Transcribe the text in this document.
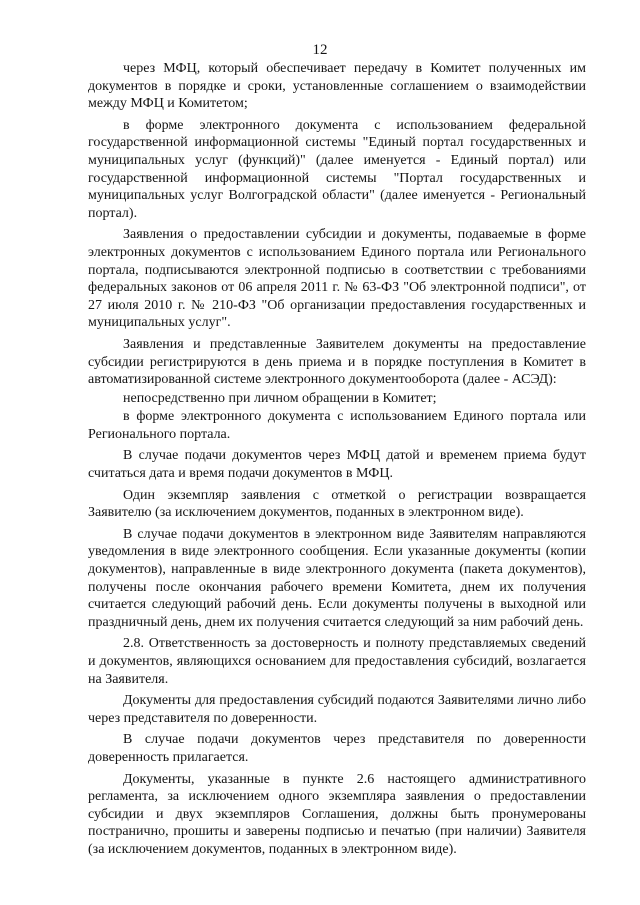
12

через МФЦ, который обеспечивает передачу в Комитет полученных им документов в порядке и сроки, установленные соглашением о взаимодействии между МФЦ и Комитетом;

в форме электронного документа с использованием федеральной государственной информационной системы "Единый портал государственных и муниципальных услуг (функций)" (далее именуется - Единый портал) или государственной информационной системы "Портал государственных и муниципальных услуг Волгоградской области" (далее именуется - Региональный портал).

Заявления о предоставлении субсидии и документы, подаваемые в форме электронных документов с использованием Единого портала или Регионального портала, подписываются электронной подписью в соответствии с требованиями федеральных законов от 06 апреля 2011 г. № 63-ФЗ "Об электронной подписи", от 27 июля 2010 г. № 210-ФЗ "Об организации предоставления государственных и муниципальных услуг".

Заявления и представленные Заявителем документы на предоставление субсидии регистрируются в день приема и в порядке поступления в Комитет в автоматизированной системе электронного документооборота (далее - АСЭД):

непосредственно при личном обращении в Комитет;

в форме электронного документа с использованием Единого портала или Регионального портала.

В случае подачи документов через МФЦ датой и временем приема будут считаться дата и время подачи документов в МФЦ.

Один экземпляр заявления с отметкой о регистрации возвращается Заявителю (за исключением документов, поданных в электронном виде).

В случае подачи документов в электронном виде Заявителям направляются уведомления в виде электронного сообщения. Если указанные документы (копии документов), направленные в виде электронного документа (пакета документов), получены после окончания рабочего времени Комитета, днем их получения считается следующий рабочий день. Если документы получены в выходной или праздничный день, днем их получения считается следующий за ним рабочий день.

2.8. Ответственность за достоверность и полноту представляемых сведений и документов, являющихся основанием для предоставления субсидий, возлагается на Заявителя.

Документы для предоставления субсидий подаются Заявителями лично либо через представителя по доверенности.

В случае подачи документов через представителя по доверенности доверенность прилагается.

Документы, указанные в пункте 2.6 настоящего административного регламента, за исключением одного экземпляра заявления о предоставлении субсидии и двух экземпляров Соглашения, должны быть пронумерованы постранично, прошиты и заверены подписью и печатью (при наличии) Заявителя (за исключением документов, поданных в электронном виде).
